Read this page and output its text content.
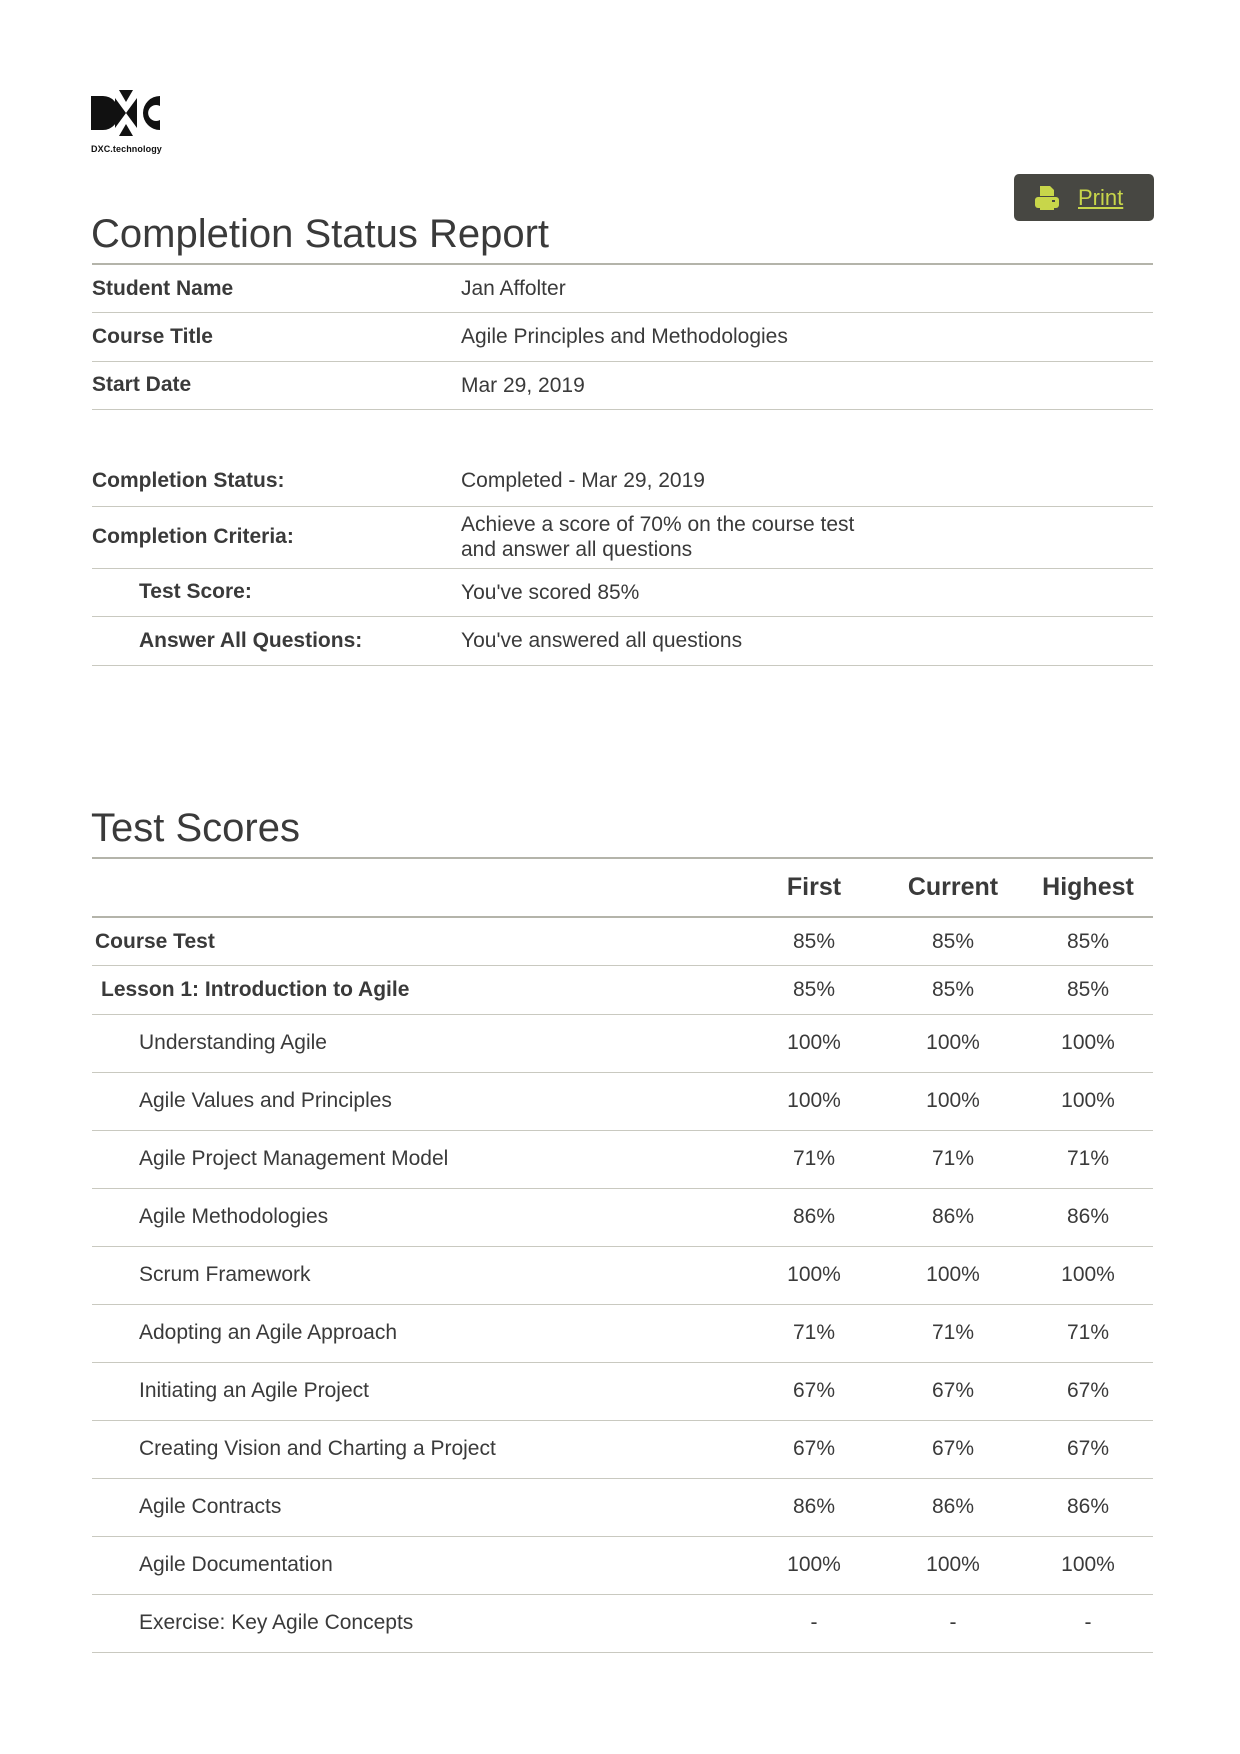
DXC.technology
Print
Completion Status Report
Student Name	Jan Affolter
Course Title	Agile Principles and Methodologies
Start Date	Mar 29, 2019
Completion Status:	Completed - Mar 29, 2019
Completion Criteria:	Achieve a score of 70% on the course test
and answer all questions

Test Score:	You've scored 85%
Answer All Questions:	You've answered all questions
Test Scores
	First	Current	Highest
Course Test	85%	85%	85%
Lesson 1: Introduction to Agile	85%	85%	85%
Understanding Agile	100%	100%	100%
Agile Values and Principles	100%	100%	100%
Agile Project Management Model	71%	71%	71%
Agile Methodologies	86%	86%	86%
Scrum Framework	100%	100%	100%
Adopting an Agile Approach	71%	71%	71%
Initiating an Agile Project	67%	67%	67%
Creating Vision and Charting a Project	67%	67%	67%
Agile Contracts	86%	86%	86%
Agile Documentation	100%	100%	100%
Exercise: Key Agile Concepts	-	-	-
